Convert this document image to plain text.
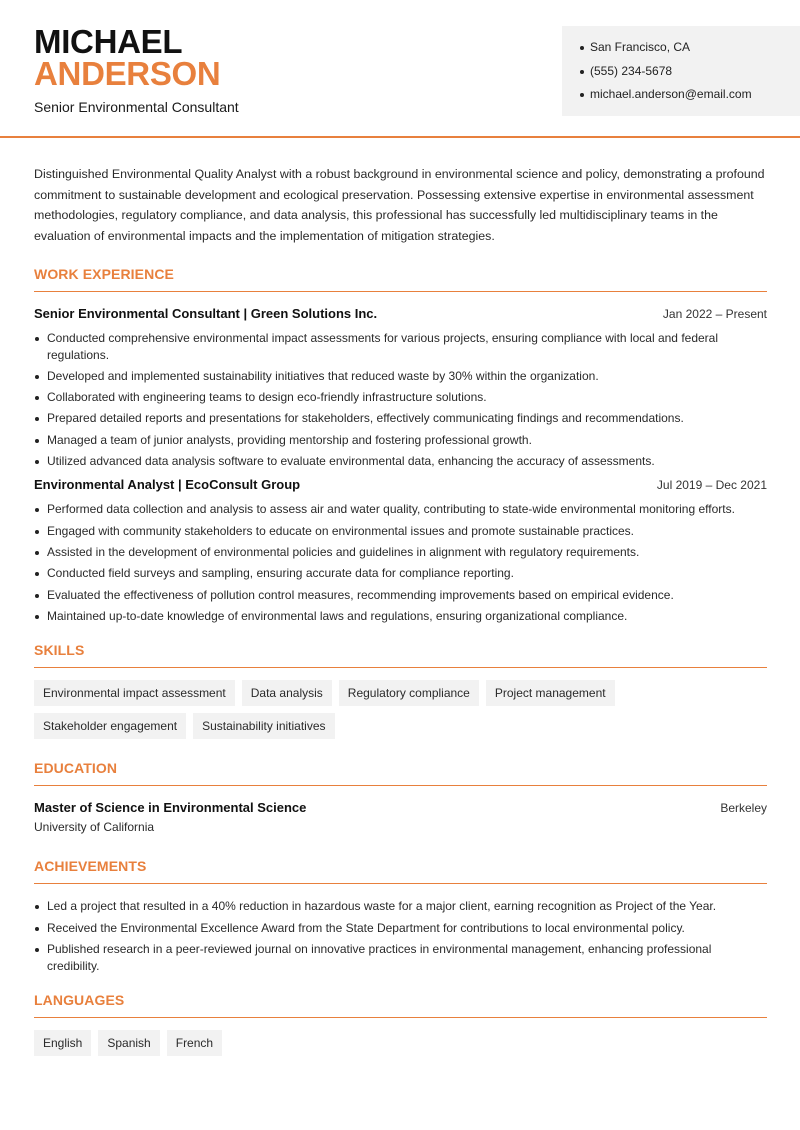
MICHAEL
ANDERSON
Senior Environmental Consultant
San Francisco, CA
(555) 234-5678
michael.anderson@email.com

Distinguished Environmental Quality Analyst with a robust background in environmental science and policy, demonstrating a profound commitment to sustainable development and ecological preservation. Possessing extensive expertise in environmental assessment methodologies, regulatory compliance, and data analysis, this professional has successfully led multidisciplinary teams in the evaluation of environmental impacts and the implementation of mitigation strategies.

WORK EXPERIENCE
Senior Environmental Consultant | Green Solutions Inc.	Jan 2022 – Present
Conducted comprehensive environmental impact assessments for various projects, ensuring compliance with local and federal regulations.
Developed and implemented sustainability initiatives that reduced waste by 30% within the organization.
Collaborated with engineering teams to design eco-friendly infrastructure solutions.
Prepared detailed reports and presentations for stakeholders, effectively communicating findings and recommendations.
Managed a team of junior analysts, providing mentorship and fostering professional growth.
Utilized advanced data analysis software to evaluate environmental data, enhancing the accuracy of assessments.
Environmental Analyst | EcoConsult Group	Jul 2019 – Dec 2021
Performed data collection and analysis to assess air and water quality, contributing to state-wide environmental monitoring efforts.
Engaged with community stakeholders to educate on environmental issues and promote sustainable practices.
Assisted in the development of environmental policies and guidelines in alignment with regulatory requirements.
Conducted field surveys and sampling, ensuring accurate data for compliance reporting.
Evaluated the effectiveness of pollution control measures, recommending improvements based on empirical evidence.
Maintained up-to-date knowledge of environmental laws and regulations, ensuring organizational compliance.
SKILLS
Environmental impact assessment	Data analysis	Regulatory compliance	Project management
Stakeholder engagement	Sustainability initiatives
EDUCATION
Master of Science in Environmental Science	Berkeley
University of California
ACHIEVEMENTS
Led a project that resulted in a 40% reduction in hazardous waste for a major client, earning recognition as Project of the Year.
Received the Environmental Excellence Award from the State Department for contributions to local environmental policy.
Published research in a peer-reviewed journal on innovative practices in environmental management, enhancing professional credibility.
LANGUAGES
English	Spanish	French
